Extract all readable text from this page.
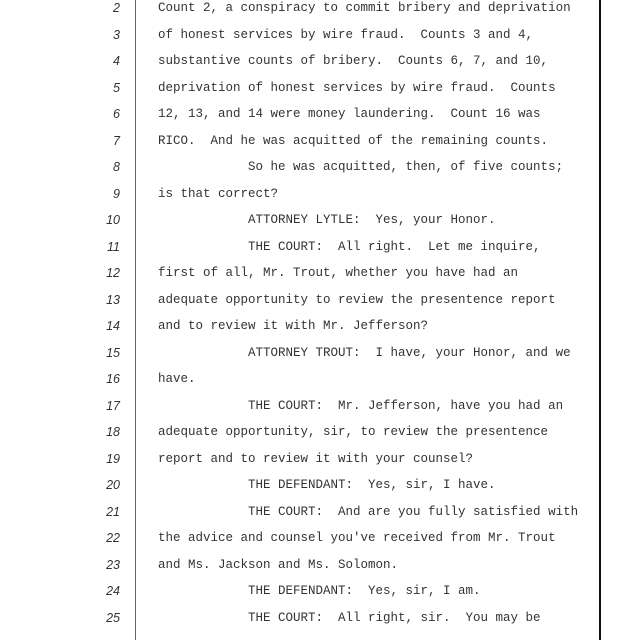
2	Count 2, a conspiracy to commit bribery and deprivation
3	of honest services by wire fraud.  Counts 3 and 4,
4	substantive counts of bribery.  Counts 6, 7, and 10,
5	deprivation of honest services by wire fraud.  Counts
6	12, 13, and 14 were money laundering.  Count 16 was
7	RICO.  And he was acquitted of the remaining counts.
8	So he was acquitted, then, of five counts;
9	is that correct?
10	ATTORNEY LYTLE:  Yes, your Honor.
11	THE COURT:  All right.  Let me inquire,
12	first of all, Mr. Trout, whether you have had an
13	adequate opportunity to review the presentence report
14	and to review it with Mr. Jefferson?
15	ATTORNEY TROUT:  I have, your Honor, and we
16	have.
17	THE COURT:  Mr. Jefferson, have you had an
18	adequate opportunity, sir, to review the presentence
19	report and to review it with your counsel?
20	THE DEFENDANT:  Yes, sir, I have.
21	THE COURT:  And are you fully satisfied with
22	the advice and counsel you've received from Mr. Trout
23	and Ms. Jackson and Ms. Solomon.
24	THE DEFENDANT:  Yes, sir, I am.
25	THE COURT:  All right, sir.  You may be
